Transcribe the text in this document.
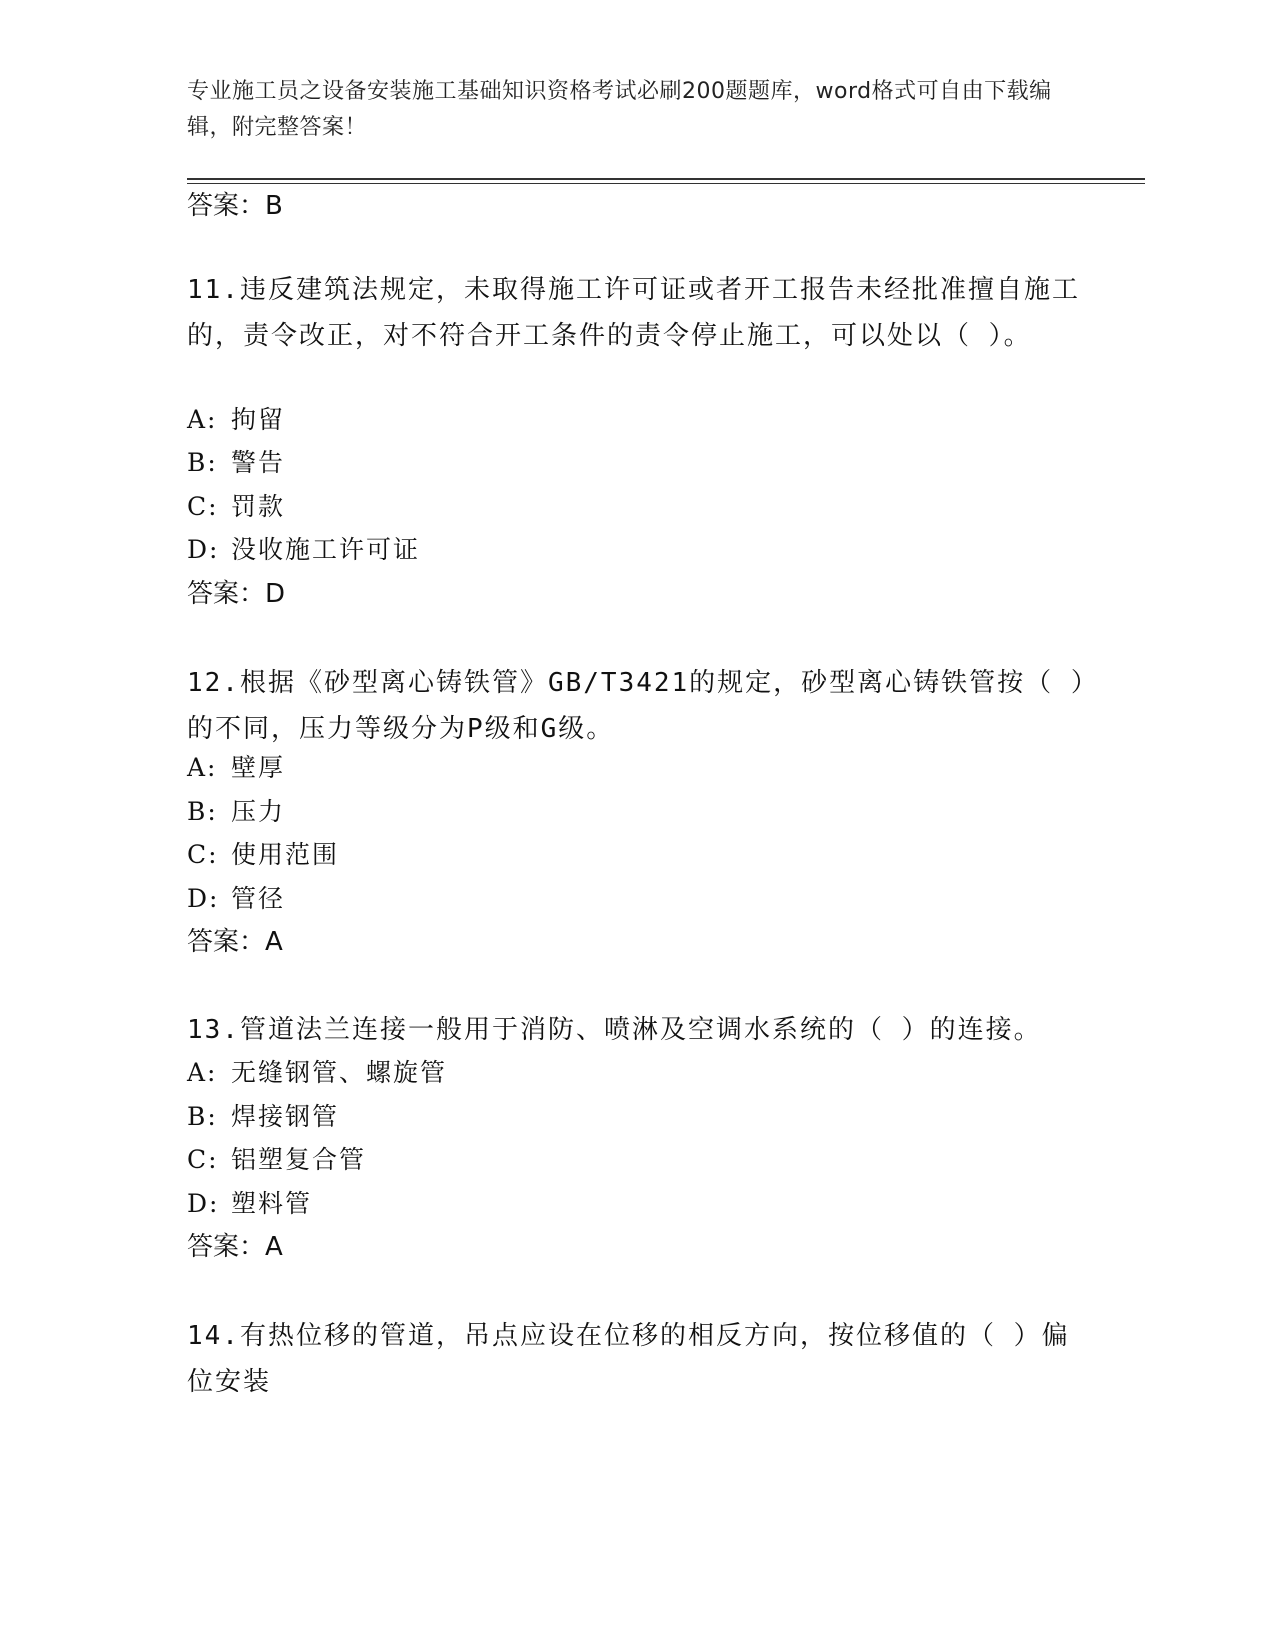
专业施工员之设备安装施工基础知识资格考试必刷200题题库，word格式可自由下载编辑，附完整答案！
答案：B
11.违反建筑法规定，未取得施工许可证或者开工报告未经批准擅自施工的，责令改正，对不符合开工条件的责令停止施工，可以处以（ ）。
A: 拘留
B: 警告
C: 罚款
D: 没收施工许可证
答案：D
12.根据《砂型离心铸铁管》GB/T3421的规定，砂型离心铸铁管按（ ）的不同，压力等级分为P级和G级。
A: 壁厚
B: 压力
C: 使用范围
D: 管径
答案：A
13.管道法兰连接一般用于消防、喷淋及空调水系统的（ ）的连接。
A: 无缝钢管、螺旋管
B: 焊接钢管
C: 铝塑复合管
D: 塑料管
答案：A
14.有热位移的管道，吊点应设在位移的相反方向，按位移值的（ ）偏位安装
